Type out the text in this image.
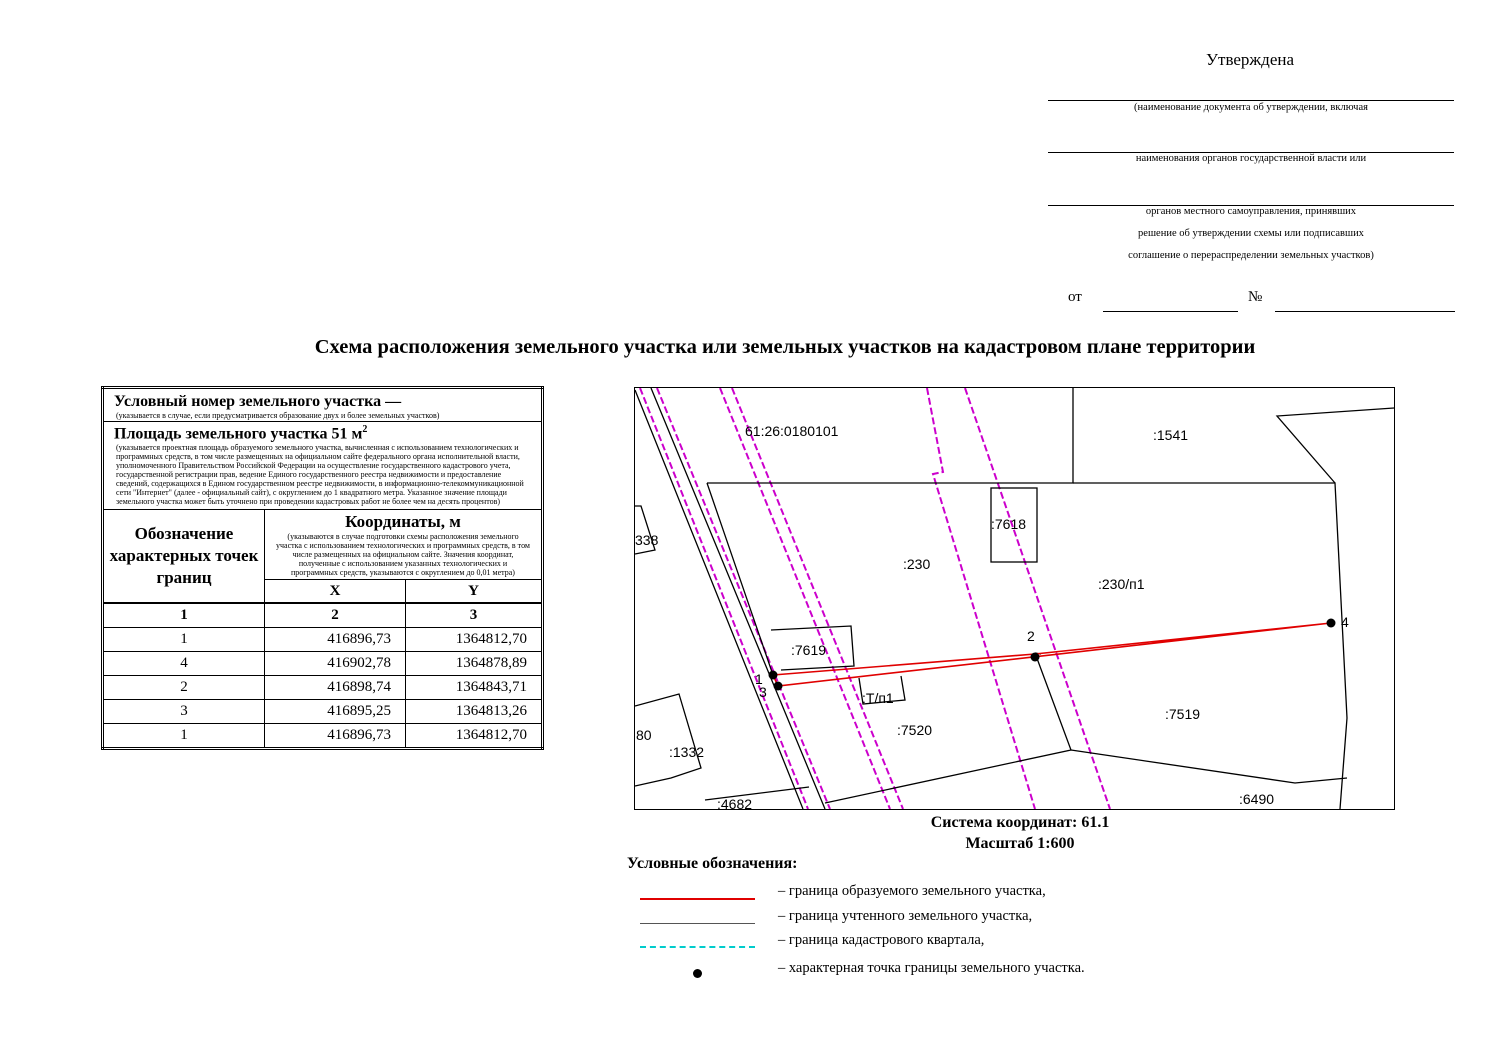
Утверждена
(наименование документа об утверждении, включая
наименования органов государственной власти или
органов местного самоуправления, принявших
решение об утверждении схемы или подписавших
соглашение о перераспределении земельных участков)
от	№
Схема расположения земельного участка или земельных участков на кадастровом плане территории
Условный номер земельного участка —
(указывается в случае, если предусматривается образование двух и более земельных участков)		

Площадь земельного участка 51 $м^2$
(указывается проектная площадь образуемого земельного участка, вычисленная с использованием технологических и программных средств, в том числе размещенных на официальном сайте федерального органа исполнительной власти, уполномоченного Правительством Российской Федерации на осуществление государственного кадастрового учета, государственной регистрации прав, ведение Единого государственного реестра недвижимости и предоставление сведений, содержащихся в Едином государственном реестре недвижимости, в информационно-телекоммуникационной сети "Интернет" (далее - официальный сайт), с округлением до 1 квадратного метра. Указанное значение площади земельного участка может быть уточнено при проведении кадастровых работ не более чем на десять процентов)		

Обозначение характерных точек границ	Координаты, м
(указываются в случае подготовки схемы расположения земельного участка с использованием технологических и программных средств, в том числе размещенных на официальном сайте. Значения координат, полученные с использованием указанных технологических и программных средств, указываются с округлением до 0,01 метра)	

	X	Y
1	2	3
1	416896,73	1364812,70
4	416902,78	1364878,89
2	416898,74	1364843,71
3	416895,25	1364813,26
1	416896,73	1364812,70
61:26:0180101	:1541
:7618
:230
:230/п1
338
:7619
1
3
2
4
:Т/п1
:7520
:7519
80
:1332
:4682	:6490
Система координат: 61.1
Масштаб 1:600
Условные обозначения:
– граница образуемого земельного участка,
– граница учтенного земельного участка,
– граница кадастрового квартала,
– характерная точка границы земельного участка.
